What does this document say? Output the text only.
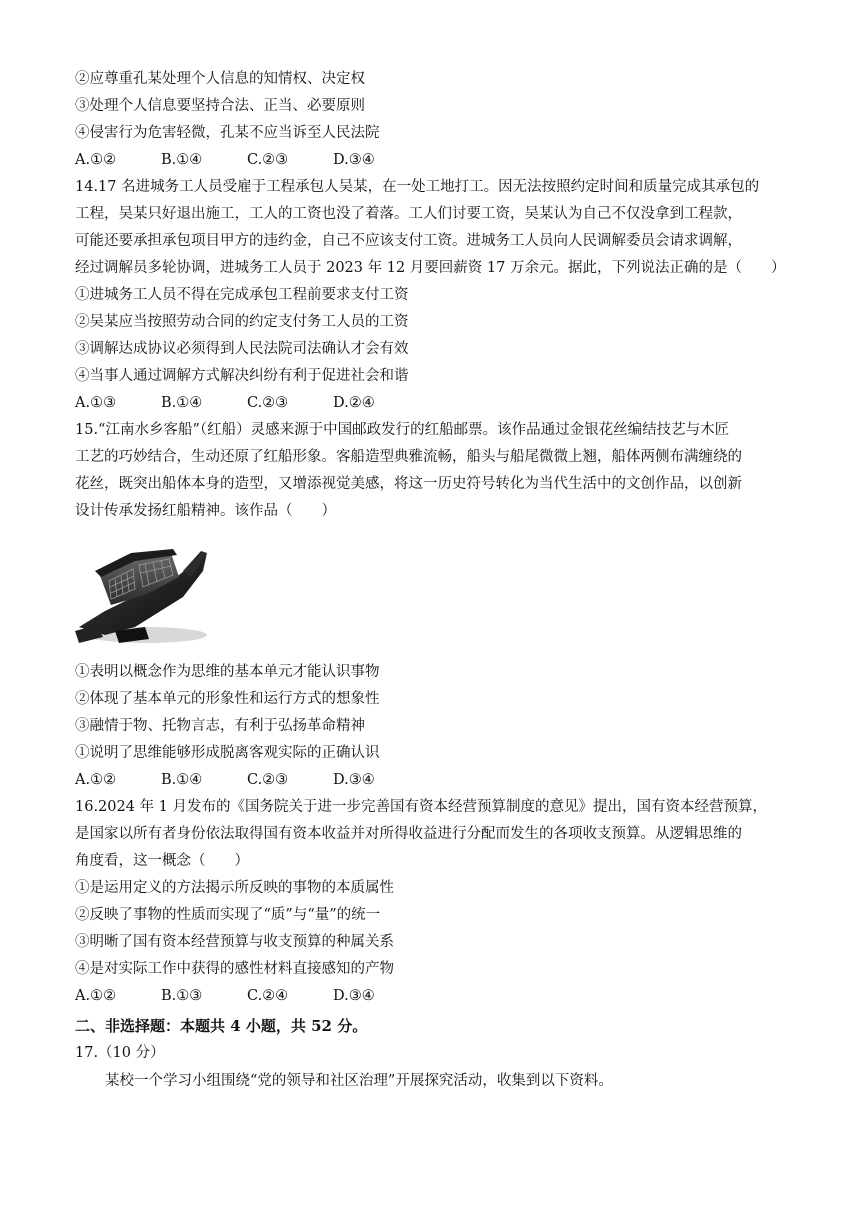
②应尊重孔某处理个人信息的知情权、决定权
③处理个人信息要坚持合法、正当、必要原则
④侵害行为危害轻微，孔某不应当诉至人民法院
A.①②	B.①④	C.②③	D.③④
14.17 名进城务工人员受雇于工程承包人吴某，在一处工地打工。因无法按照约定时间和质量完成其承包的
工程，吴某只好退出施工，工人的工资也没了着落。工人们讨要工资，吴某认为自己不仅没拿到工程款，
可能还要承担承包项目甲方的违约金，自己不应该支付工资。进城务工人员向人民调解委员会请求调解，
经过调解员多轮协调，进城务工人员于 2023 年 12 月要回薪资 17 万余元。据此，下列说法正确的是（　　）
①进城务工人员不得在完成承包工程前要求支付工资
②吴某应当按照劳动合同的约定支付务工人员的工资
③调解达成协议必须得到人民法院司法确认才会有效
④当事人通过调解方式解决纠纷有利于促进社会和谐
A.①③	B.①④	C.②③	D.②④
15.“江南水乡客船”（红船）灵感来源于中国邮政发行的红船邮票。该作品通过金银花丝编结技艺与木匠
工艺的巧妙结合，生动还原了红船形象。客船造型典雅流畅，船头与船尾微微上翘，船体两侧布满缠绕的
花丝，既突出船体本身的造型，又增添视觉美感，将这一历史符号转化为当代生活中的文创作品，以创新
设计传承发扬红船精神。该作品（　　）
①表明以概念作为思维的基本单元才能认识事物
②体现了基本单元的形象性和运行方式的想象性
③融情于物、托物言志，有利于弘扬革命精神
①说明了思维能够形成脱离客观实际的正确认识
A.①②	B.①④	C.②③	D.③④
16.2024 年 1 月发布的《国务院关于进一步完善国有资本经营预算制度的意见》提出，国有资本经营预算，
是国家以所有者身份依法取得国有资本收益并对所得收益进行分配而发生的各项收支预算。从逻辑思维的
角度看，这一概念（　　）
①是运用定义的方法揭示所反映的事物的本质属性
②反映了事物的性质而实现了“质”与“量”的统一
③明晰了国有资本经营预算与收支预算的种属关系
④是对实际工作中获得的感性材料直接感知的产物
A.①②	B.①③	C.②④	D.③④
二、非选择题：本题共 4 小题，共 52 分。
17.（10 分）
某校一个学习小组围绕“党的领导和社区治理”开展探究活动，收集到以下资料。
